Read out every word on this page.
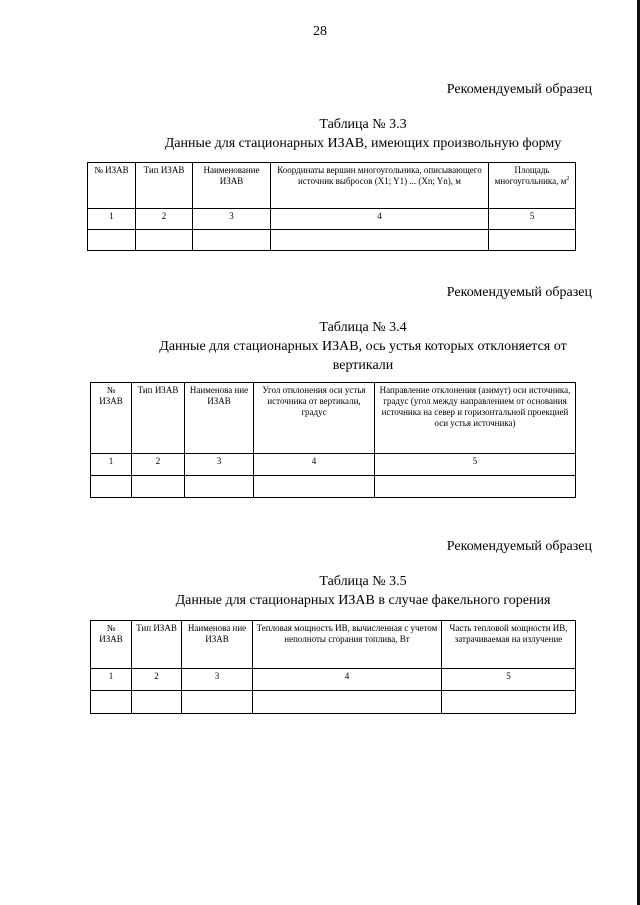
28
Рекомендуемый образец
Таблица № 3.3
Данные для стационарных ИЗАВ, имеющих произвольную форму
№ ИЗАВ	Тип ИЗАВ	Наименование ИЗАВ	Координаты вершин многоугольника, описывающего источник выбросов (X1; Y1) ... (Xn; Yn), м	Площадь многоугольника, $м^2$
1	2	3	4	5

Рекомендуемый образец
Таблица № 3.4
Данные для стационарных ИЗАВ, ось устья которых отклоняется от вертикали
№ ИЗАВ	Тип ИЗАВ	Наименова ние ИЗАВ	Угол отклонения оси устья источника от вертикали, градус	Направление отклонения (азимут) оси источника, градус (угол между направлением от основания источника на север и горизонтальной проекцией оси устья источника)
1	2	3	4	5

Рекомендуемый образец
Таблица № 3.5
Данные для стационарных ИЗАВ в случае факельного горения
№ ИЗАВ	Тип ИЗАВ	Наименова ние ИЗАВ	Тепловая мощность ИВ, вычисленная с учетом неполноты сгорания топлива, Вт	Часть тепловой мощности ИВ, затрачиваемая на излучение
1	2	3	4	5
